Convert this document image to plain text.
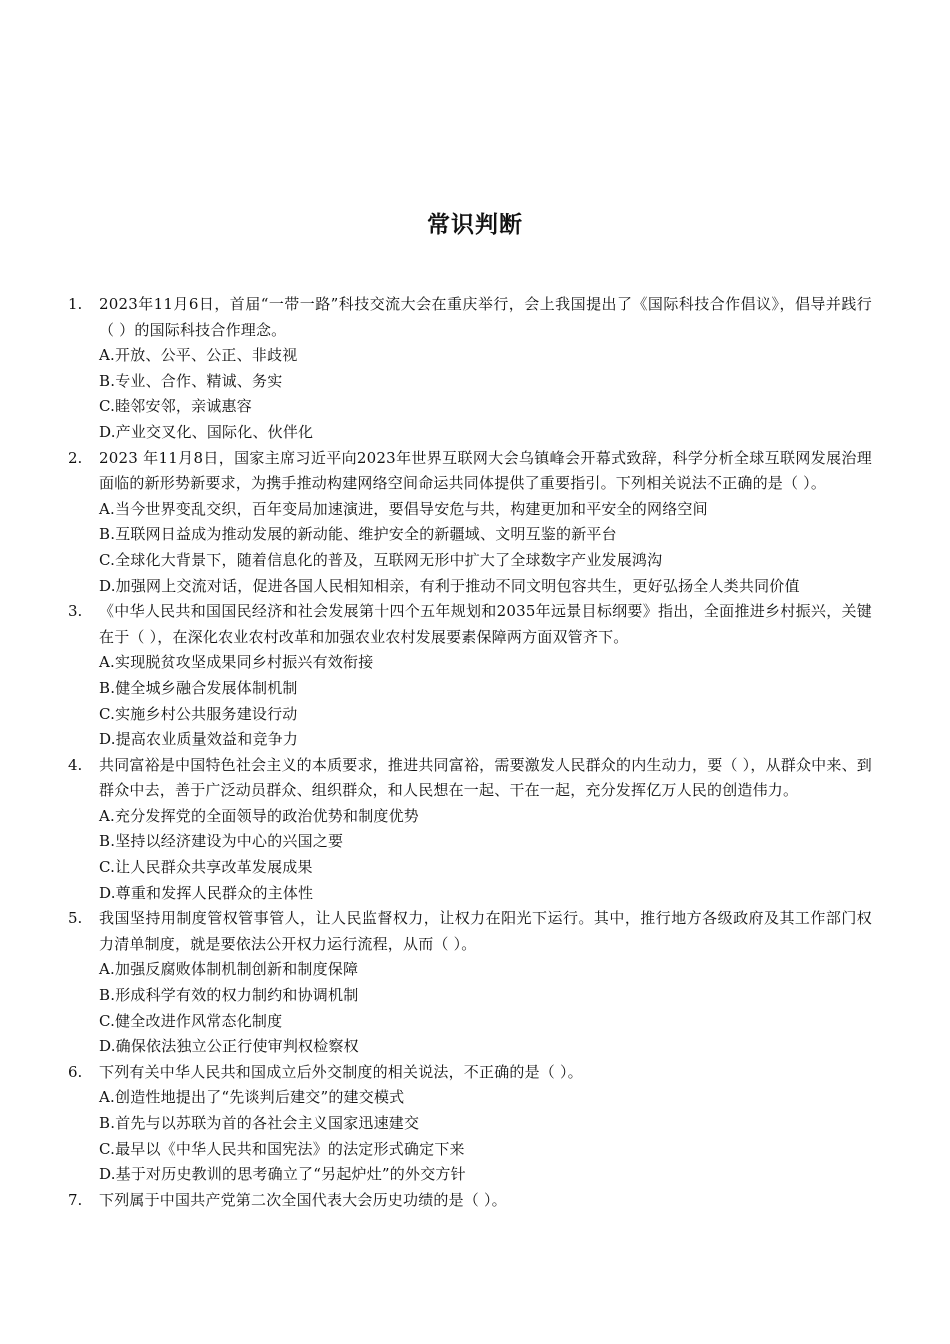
常识判断
1. 2023年11月6日，首届“一带一路”科技交流大会在重庆举行，会上我国提出了《国际科技合作倡议》，倡导并践行（ ）的国际科技合作理念。
A.开放、公平、公正、非歧视
B.专业、合作、精诚、务实
C.睦邻安邻，亲诚惠容
D.产业交叉化、国际化、伙伴化
2. 2023 年11月8日，国家主席习近平向2023年世界互联网大会乌镇峰会开幕式致辞，科学分析全球互联网发展治理面临的新形势新要求，为携手推动构建网络空间命运共同体提供了重要指引。下列相关说法不正确的是（ ）。
A.当今世界变乱交织，百年变局加速演进，要倡导安危与共，构建更加和平安全的网络空间
B.互联网日益成为推动发展的新动能、维护安全的新疆域、文明互鉴的新平台
C.全球化大背景下，随着信息化的普及，互联网无形中扩大了全球数字产业发展鸿沟
D.加强网上交流对话，促进各国人民相知相亲，有利于推动不同文明包容共生，更好弘扬全人类共同价值
3. 《中华人民共和国国民经济和社会发展第十四个五年规划和2035年远景目标纲要》指出，全面推进乡村振兴，关键在于（ ），在深化农业农村改革和加强农业农村发展要素保障两方面双管齐下。
A.实现脱贫攻坚成果同乡村振兴有效衔接
B.健全城乡融合发展体制机制
C.实施乡村公共服务建设行动
D.提高农业质量效益和竞争力
4. 共同富裕是中国特色社会主义的本质要求，推进共同富裕，需要激发人民群众的内生动力，要（ ），从群众中来、到群众中去，善于广泛动员群众、组织群众，和人民想在一起、干在一起，充分发挥亿万人民的创造伟力。
A.充分发挥党的全面领导的政治优势和制度优势
B.坚持以经济建设为中心的兴国之要
C.让人民群众共享改革发展成果
D.尊重和发挥人民群众的主体性
5. 我国坚持用制度管权管事管人，让人民监督权力，让权力在阳光下运行。其中，推行地方各级政府及其工作部门权力清单制度，就是要依法公开权力运行流程，从而（ ）。
A.加强反腐败体制机制创新和制度保障
B.形成科学有效的权力制约和协调机制
C.健全改进作风常态化制度
D.确保依法独立公正行使审判权检察权
6. 下列有关中华人民共和国成立后外交制度的相关说法，不正确的是（ ）。
A.创造性地提出了“先谈判后建交”的建交模式
B.首先与以苏联为首的各社会主义国家迅速建交
C.最早以《中华人民共和国宪法》的法定形式确定下来
D.基于对历史教训的思考确立了“另起炉灶”的外交方针
7. 下列属于中国共产党第二次全国代表大会历史功绩的是（ ）。
